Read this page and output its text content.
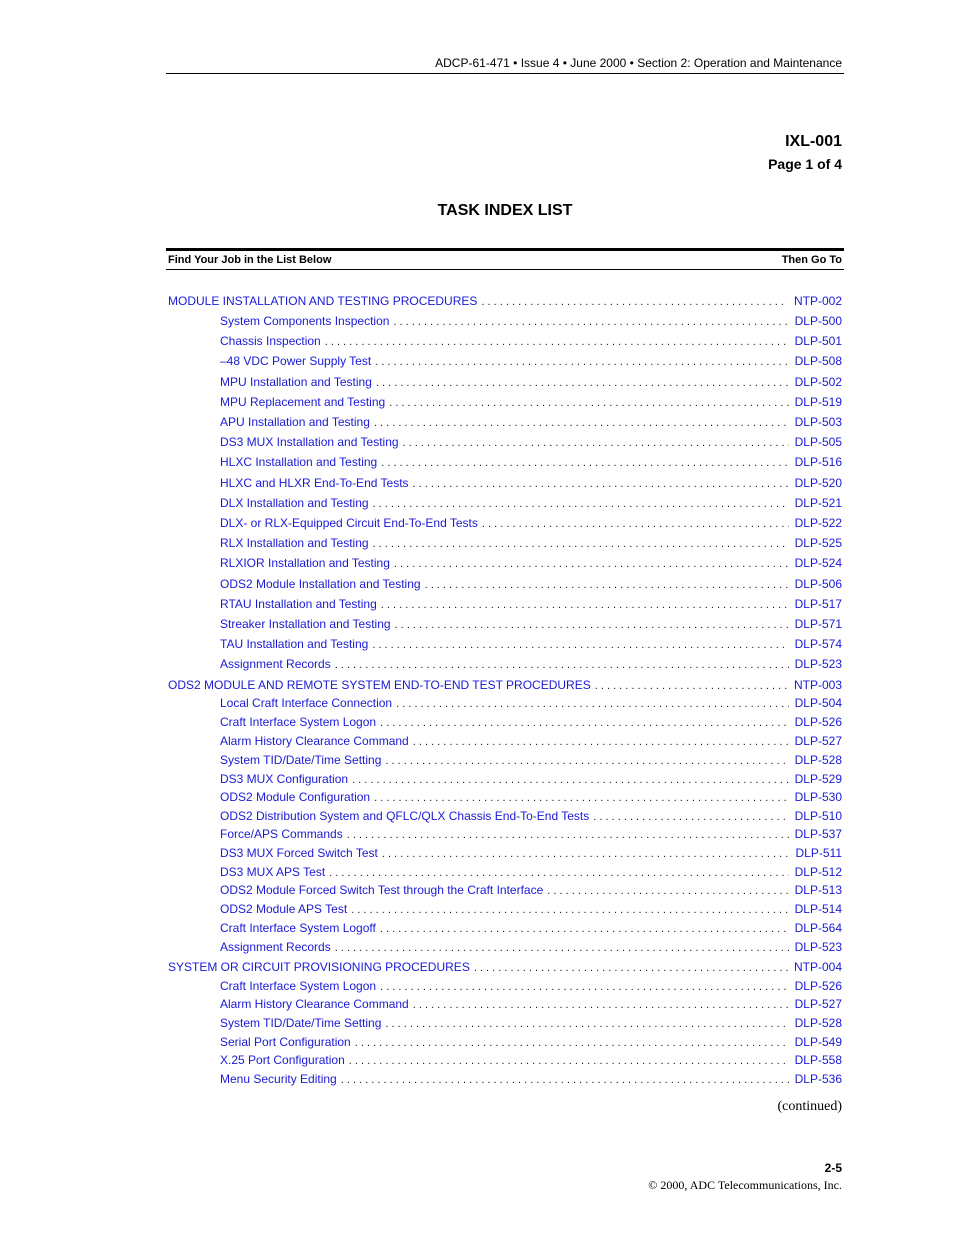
ADCP-61-471 • Issue 4 • June 2000 • Section 2: Operation and Maintenance
IXL-001
Page 1 of 4
TASK INDEX LIST
Find Your Job in the List Below	Then Go To
MODULE INSTALLATION AND TESTING PROCEDURES . . .	NTP-002
System Components Inspection . . .	DLP-500
Chassis Inspection . . .	DLP-501
–48 VDC Power Supply Test . . .	DLP-508
MPU Installation and Testing . . .	DLP-502
MPU Replacement and Testing . . .	DLP-519
APU Installation and Testing . . .	DLP-503
DS3 MUX Installation and Testing . . .	DLP-505
HLXC Installation and Testing . . .	DLP-516
HLXC and HLXR End-To-End Tests . . .	DLP-520
DLX Installation and Testing . . .	DLP-521
DLX- or RLX-Equipped Circuit End-To-End Tests . . .	DLP-522
RLX Installation and Testing . . .	DLP-525
RLXIOR Installation and Testing . . .	DLP-524
ODS2 Module Installation and Testing . . .	DLP-506
RTAU Installation and Testing . . .	DLP-517
Streaker Installation and Testing . . .	DLP-571
TAU Installation and Testing . . .	DLP-574
Assignment Records . . .	DLP-523
ODS2 MODULE AND REMOTE SYSTEM END-TO-END TEST PROCEDURES . . .	NTP-003
Local Craft Interface Connection . . .	DLP-504
Craft Interface System Logon . . .	DLP-526
Alarm History Clearance Command . . .	DLP-527
System TID/Date/Time Setting . . .	DLP-528
DS3 MUX Configuration . . .	DLP-529
ODS2 Module Configuration . . .	DLP-530
ODS2 Distribution System and QFLC/QLX Chassis End-To-End Tests . . .	DLP-510
Force/APS Commands . . .	DLP-537
DS3 MUX Forced Switch Test . . .	DLP-511
DS3 MUX APS Test . . .	DLP-512
ODS2 Module Forced Switch Test through the Craft Interface . . .	DLP-513
ODS2 Module APS Test . . .	DLP-514
Craft Interface System Logoff . . .	DLP-564
Assignment Records . . .	DLP-523
SYSTEM OR CIRCUIT PROVISIONING PROCEDURES . . .	NTP-004
Craft Interface System Logon . . .	DLP-526
Alarm History Clearance Command . . .	DLP-527
System TID/Date/Time Setting . . .	DLP-528
Serial Port Configuration . . .	DLP-549
X.25 Port Configuration . . .	DLP-558
Menu Security Editing . . .	DLP-536
(continued)
2-5
© 2000, ADC Telecommunications, Inc.
